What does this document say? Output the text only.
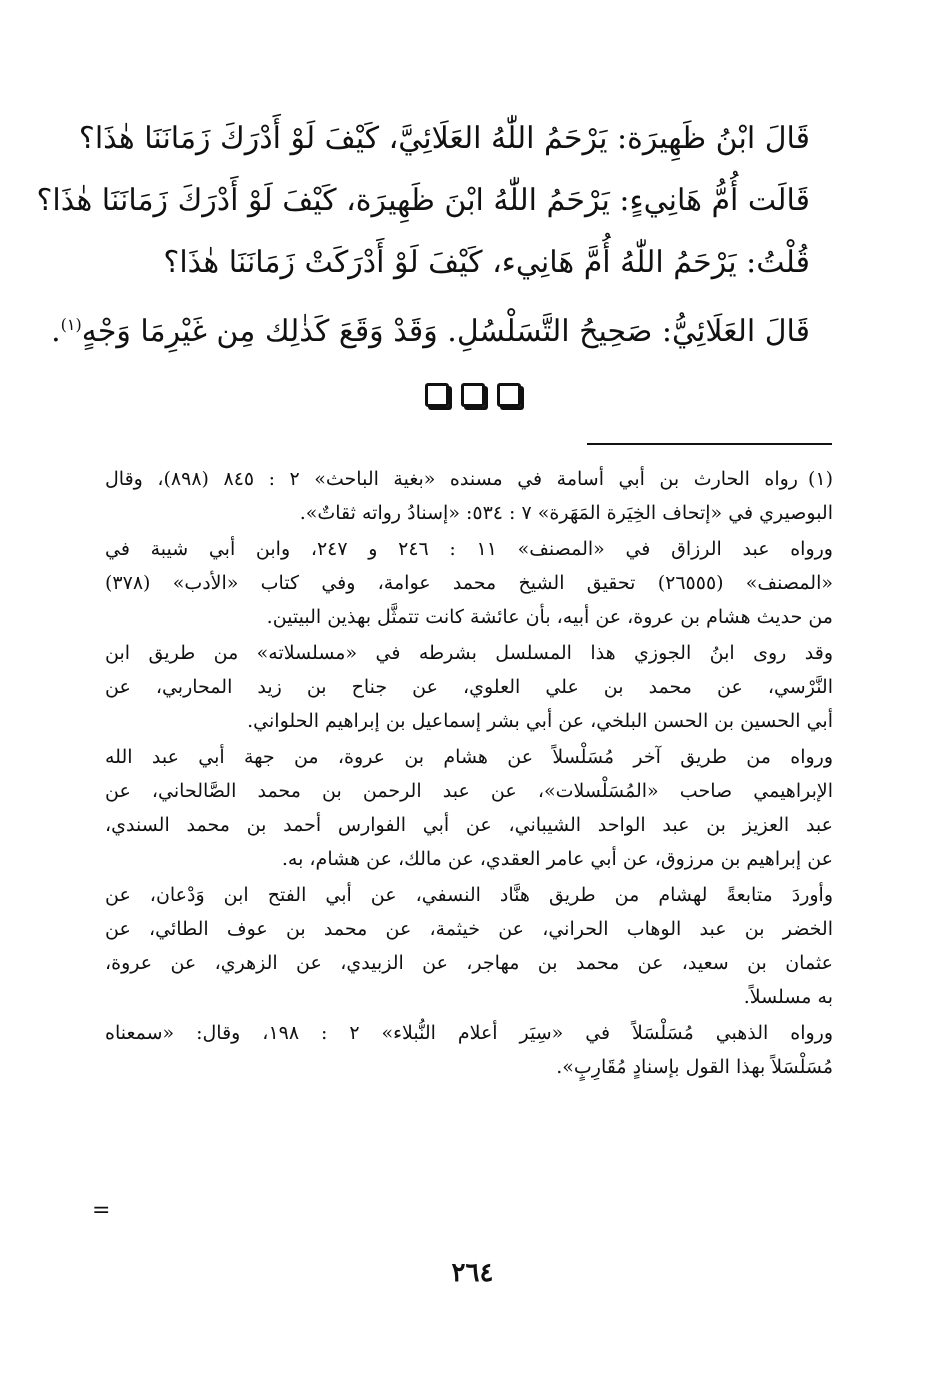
قَالَ ابْنُ ظَهِيرَة: يَرْحَمُ اللّٰهُ العَلَائِيَّ، كَيْفَ لَوْ أَدْرَكَ زَمَانَنَا هٰذَا؟

قَالَت أُمُّ هَانِيءٍ: يَرْحَمُ اللّٰهُ ابْنَ ظَهِيرَة، كَيْفَ لَوْ أَدْرَكَ زَمَانَنَا هٰذَا؟

قُلْتُ: يَرْحَمُ اللّٰهُ أُمَّ هَانِيء، كَيْفَ لَوْ أَدْرَكَتْ زَمَانَنَا هٰذَا؟

قَالَ العَلَائِيُّ: صَحِيحُ التَّسَلْسُلِ. وَقَدْ وَقَعَ كَذٰلِك مِن غَيْرِمَا وَجْهٍ$^{(١)}$.

(١)رواه الحارث بن أبي أسامة في مسنده «بغية الباحث» ٢ : ٨٤٥ (٨٩٨)، وقال
البوصيري في «إتحاف الخِيَرة المَهَرة» ٧ : ٥٣٤: «إسنادُ رواته ثقاتٌ».
ورواه عبد الرزاق في «المصنف» ١١ : ٢٤٦ و ٢٤٧، وابن أبي شيبة في
«المصنف» (٢٦٥٥٥) تحقيق الشيخ محمد عوامة، وفي كتاب «الأدب» (٣٧٨)
من حديث هشام بن عروة، عن أبيه، بأن عائشة كانت تتمثَّل بهذين البيتين.
وقد روى ابنُ الجوزي هذا المسلسل بشرطه في «مسلسلاته» من طريق ابن
النَّرْسي، عن محمد بن علي العلوي، عن جناح بن زيد المحاربي، عن
أبي الحسين بن الحسن البلخي، عن أبي بشر إسماعيل بن إبراهيم الحلواني.
ورواه من طريق آخر مُسَلْسلاً عن هشام بن عروة، من جهة أبي عبد الله
الإبراهيمي صاحب «المُسَلْسلات»، عن عبد الرحمن بن محمد الصَّالحاني، عن
عبد العزيز بن عبد الواحد الشيباني، عن أبي الفوارس أحمد بن محمد السندي،
عن إبراهيم بن مرزوق، عن أبي عامر العقدي، عن مالك، عن هشام، به.
وأوردَ متابعةً لهشام من طريق هنَّاد النسفي، عن أبي الفتح ابن وَدْعان، عن
الخضر بن عبد الوهاب الحراني، عن خيثمة، عن محمد بن عوف الطائي، عن
عثمان بن سعيد، عن محمد بن مهاجر، عن الزبيدي، عن الزهري، عن عروة،
به مسلسلاً.
ورواه الذهبي مُسَلْسَلاً في «سِيَر أعلام النُّبلاء» ٢ : ١٩٨، وقال: «سمعناه
مُسَلْسَلاً بهذا القول بإسنادٍ مُقَارِبٍ».
=
٢٦٤
